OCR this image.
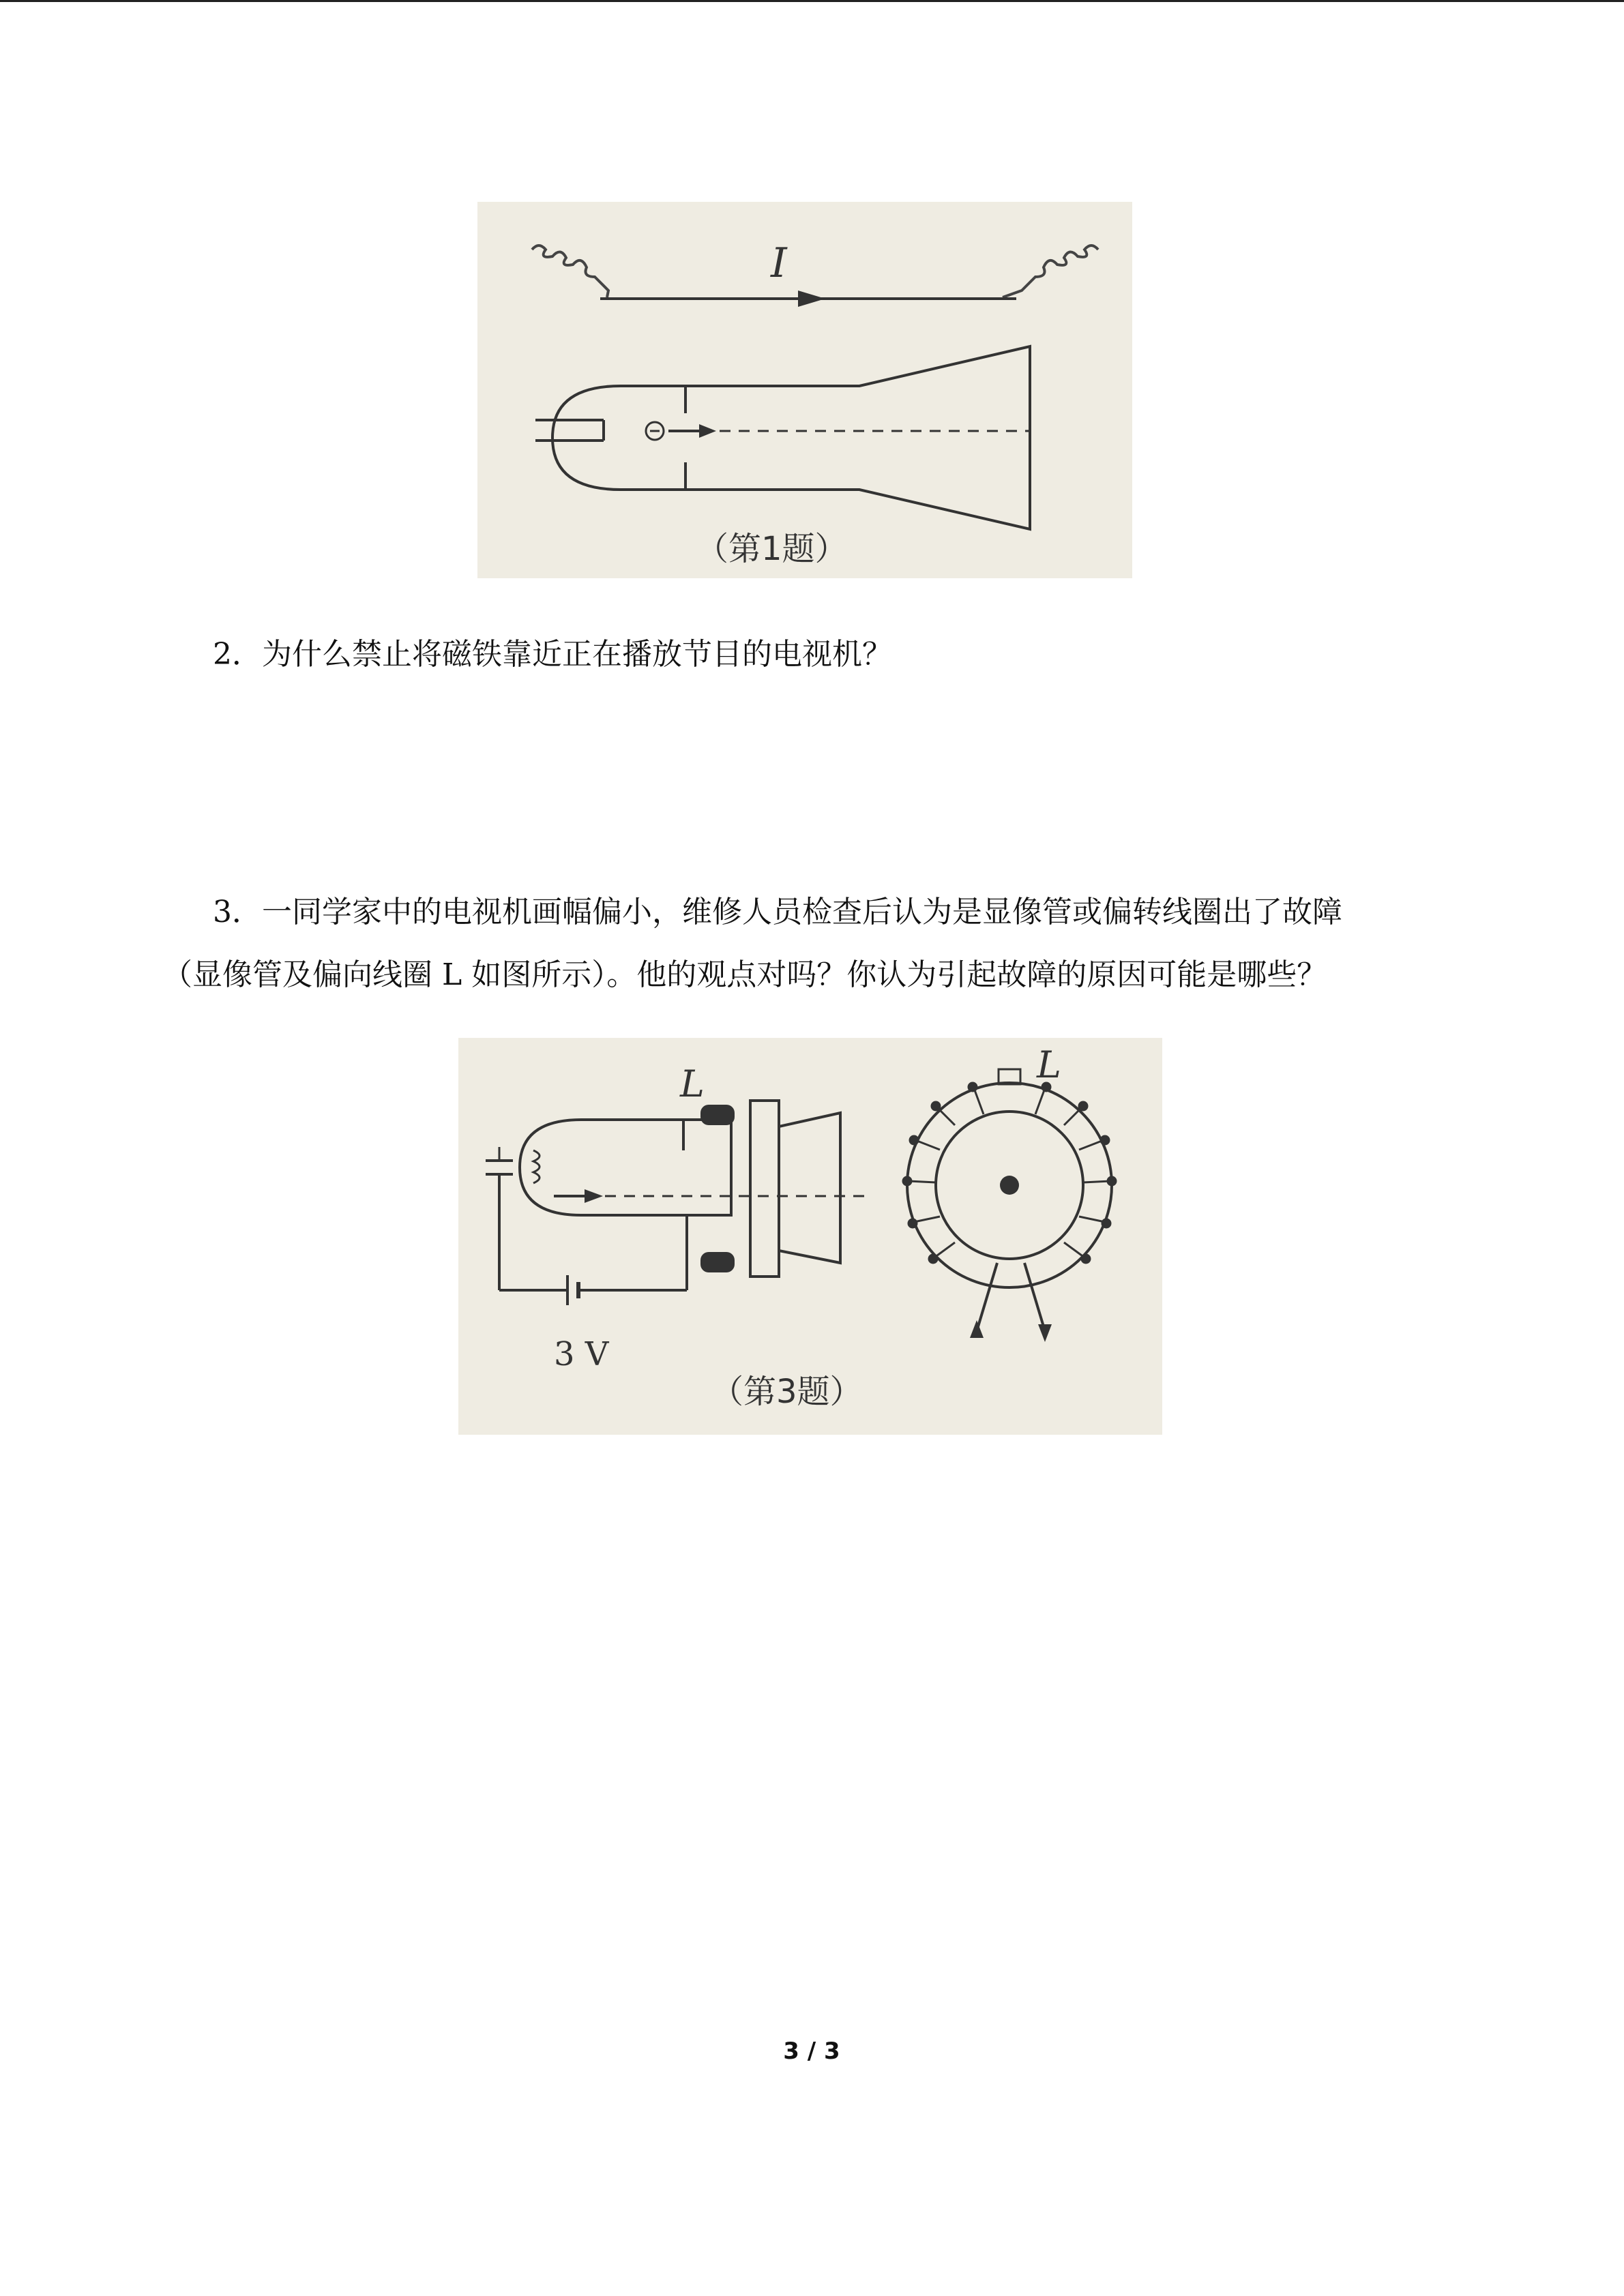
I
（第1题）
2．为什么禁止将磁铁靠近正在播放节目的电视机？
3．一同学家中的电视机画幅偏小，维修人员检查后认为是显像管或偏转线圈出了故障
（显像管及偏向线圈 L 如图所示）。他的观点对吗？你认为引起故障的原因可能是哪些？
L
3 V
L
（第3题）
3 / 3
